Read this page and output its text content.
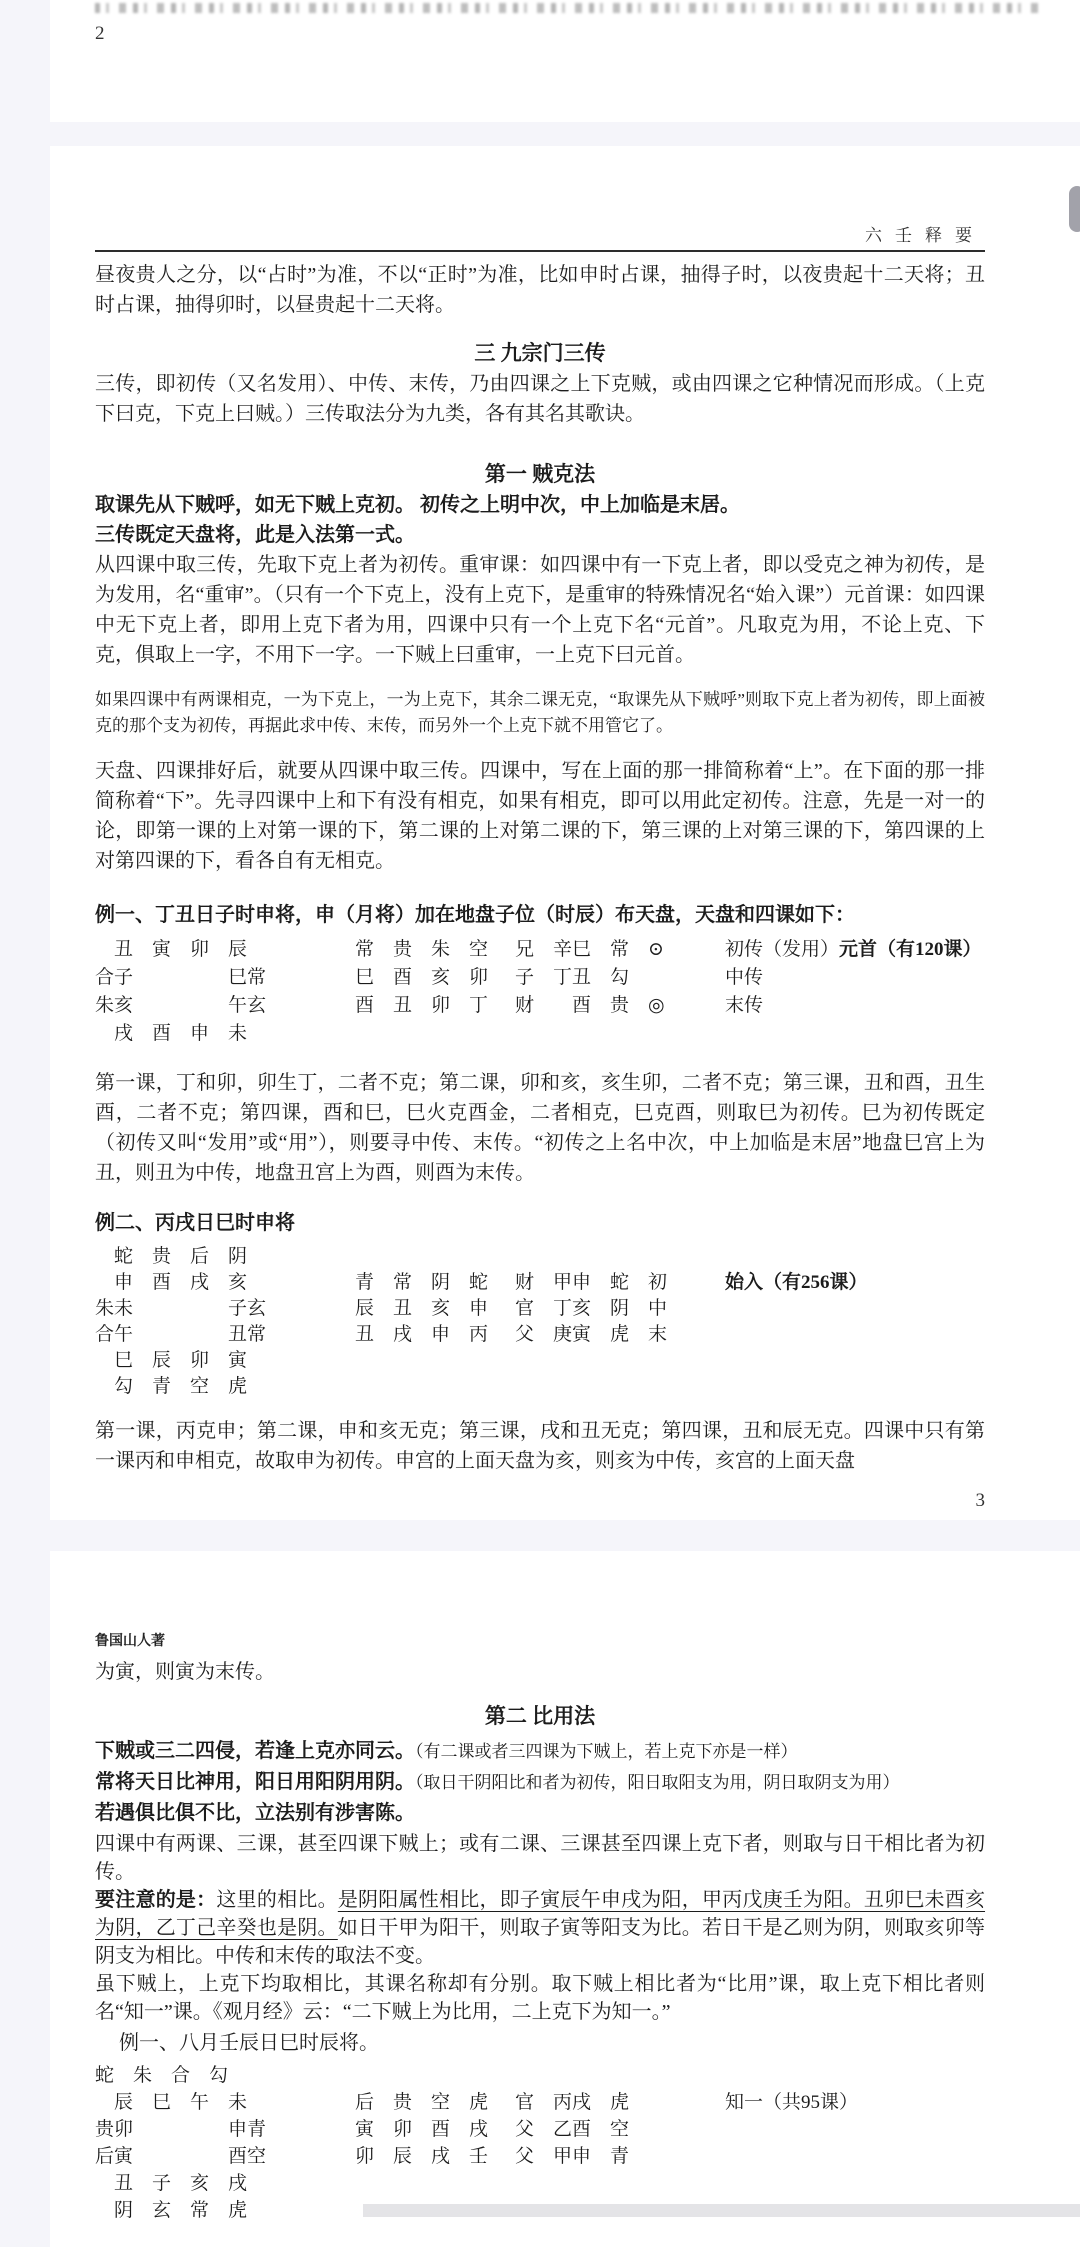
2
六壬释要

昼夜贵人之分，以“占时”为准，不以“正时”为准，比如申时占课，抽得子时，以夜贵起十二天将；丑时占课，抽得卯时，以昼贵起十二天将。

三 九宗门三传

三传，即初传（又名发用）、中传、末传，乃由四课之上下克贼，或由四课之它种情况而形成。（上克下曰克，下克上曰贼。）三传取法分为九类，各有其名其歌诀。

第一 贼克法

取课先从下贼呼，如无下贼上克初。 初传之上明中次，中上加临是末居。

三传既定天盘将，此是入法第一式。

从四课中取三传，先取下克上者为初传。重审课：如四课中有一下克上者，即以受克之神为初传，是为发用，名“重审”。（只有一个下克上，没有上克下，是重审的特殊情况名“始入课”）元首课：如四课中无下克上者，即用上克下者为用，四课中只有一个上克下名“元首”。凡取克为用，不论上克、下克，俱取上一字，不用下一字。一下贼上曰重审，一上克下曰元首。

如果四课中有两课相克，一为下克上，一为上克下，其余二课无克，“取课先从下贼呼”则取下克上者为初传，即上面被克的那个支为初传，再据此求中传、末传，而另外一个上克下就不用管它了。

天盘、四课排好后，就要从四课中取三传。四课中，写在上面的那一排简称着“上”。在下面的那一排简称着“下”。先寻四课中上和下有没有相克，如果有相克，即可以用此定初传。注意，先是一对一的论，即第一课的上对第一课的下，第二课的上对第二课的下，第三课的上对第三课的下，第四课的上对第四课的下，看各自有无相克。

例一、丁丑日子时申将，申（月将）加在地盘子位（时辰）布天盘，天盘和四课如下：

　丑　寅　卯　辰	常　贵　朱　空	兄　辛巳　常　⊙	初传（发用）元首（有120课）
合子　　　　　巳常	巳　酉　亥　卯	子　丁丑　勾	中传
朱亥　　　　　午玄	酉　丑　卯　丁	财　　酉　贵　◎	末传
　戌　酉　申　未

第一课，丁和卯，卯生丁，二者不克；第二课，卯和亥，亥生卯，二者不克；第三课，丑和酉，丑生酉，二者不克；第四课，酉和巳，巳火克酉金，二者相克，巳克酉，则取巳为初传。巳为初传既定（初传又叫“发用”或“用”），则要寻中传、末传。“初传之上名中次，中上加临是末居”地盘巳宫上为丑，则丑为中传，地盘丑宫上为酉，则酉为末传。

例二、丙戌日巳时申将

　蛇　贵　后　阴
　申　酉　戌　亥	青　常　阴　蛇	财　甲申　蛇　初	始入（有256课）
朱未　　　　　子玄	辰　丑　亥　申	官　丁亥　阴　中
合午　　　　　丑常	丑　戌　申　丙	父　庚寅　虎　末
　巳　辰　卯　寅
　勾　青　空　虎

第一课，丙克申；第二课，申和亥无克；第三课，戌和丑无克；第四课，丑和辰无克。四课中只有第一课丙和申相克，故取申为初传。申宫的上面天盘为亥，则亥为中传，亥宫的上面天盘

3
鲁国山人著

为寅，则寅为末传。

第二 比用法

下贼或三二四侵，若逢上克亦同云。（有二课或者三四课为下贼上，若上克下亦是一样）

常将天日比神用，阳日用阳阴用阴。（取日干阴阳比和者为初传，阳日取阳支为用，阴日取阴支为用）

若遇俱比俱不比，立法别有涉害陈。

四课中有两课、三课，甚至四课下贼上；或有二课、三课甚至四课上克下者，则取与日干相比者为初传。

要注意的是：这里的相比。是阴阳属性相比，即子寅辰午申戌为阳，甲丙戊庚壬为阳。丑卯巳未酉亥为阴，乙丁己辛癸也是阴。如日干甲为阳干，则取子寅等阳支为比。若日干是乙则为阴，则取亥卯等阴支为相比。中传和末传的取法不变。

虽下贼上，上克下均取相比，其课名称却有分别。取下贼上相比者为“比用”课，取上克下相比者则名“知一”课。《观月经》云：“二下贼上为比用，二上克下为知一。”

例一、八月壬辰日巳时辰将。

蛇　朱　合　勾
　辰　巳　午　未	后　贵　空　虎	官　丙戌　虎	知一（共95课）
贵卯　　　　　申青	寅　卯　酉　戌	父　乙酉　空
后寅　　　　　酉空	卯　辰　戌　壬	父　甲申　青
　丑　子　亥　戌
　阴　玄　常　虎
